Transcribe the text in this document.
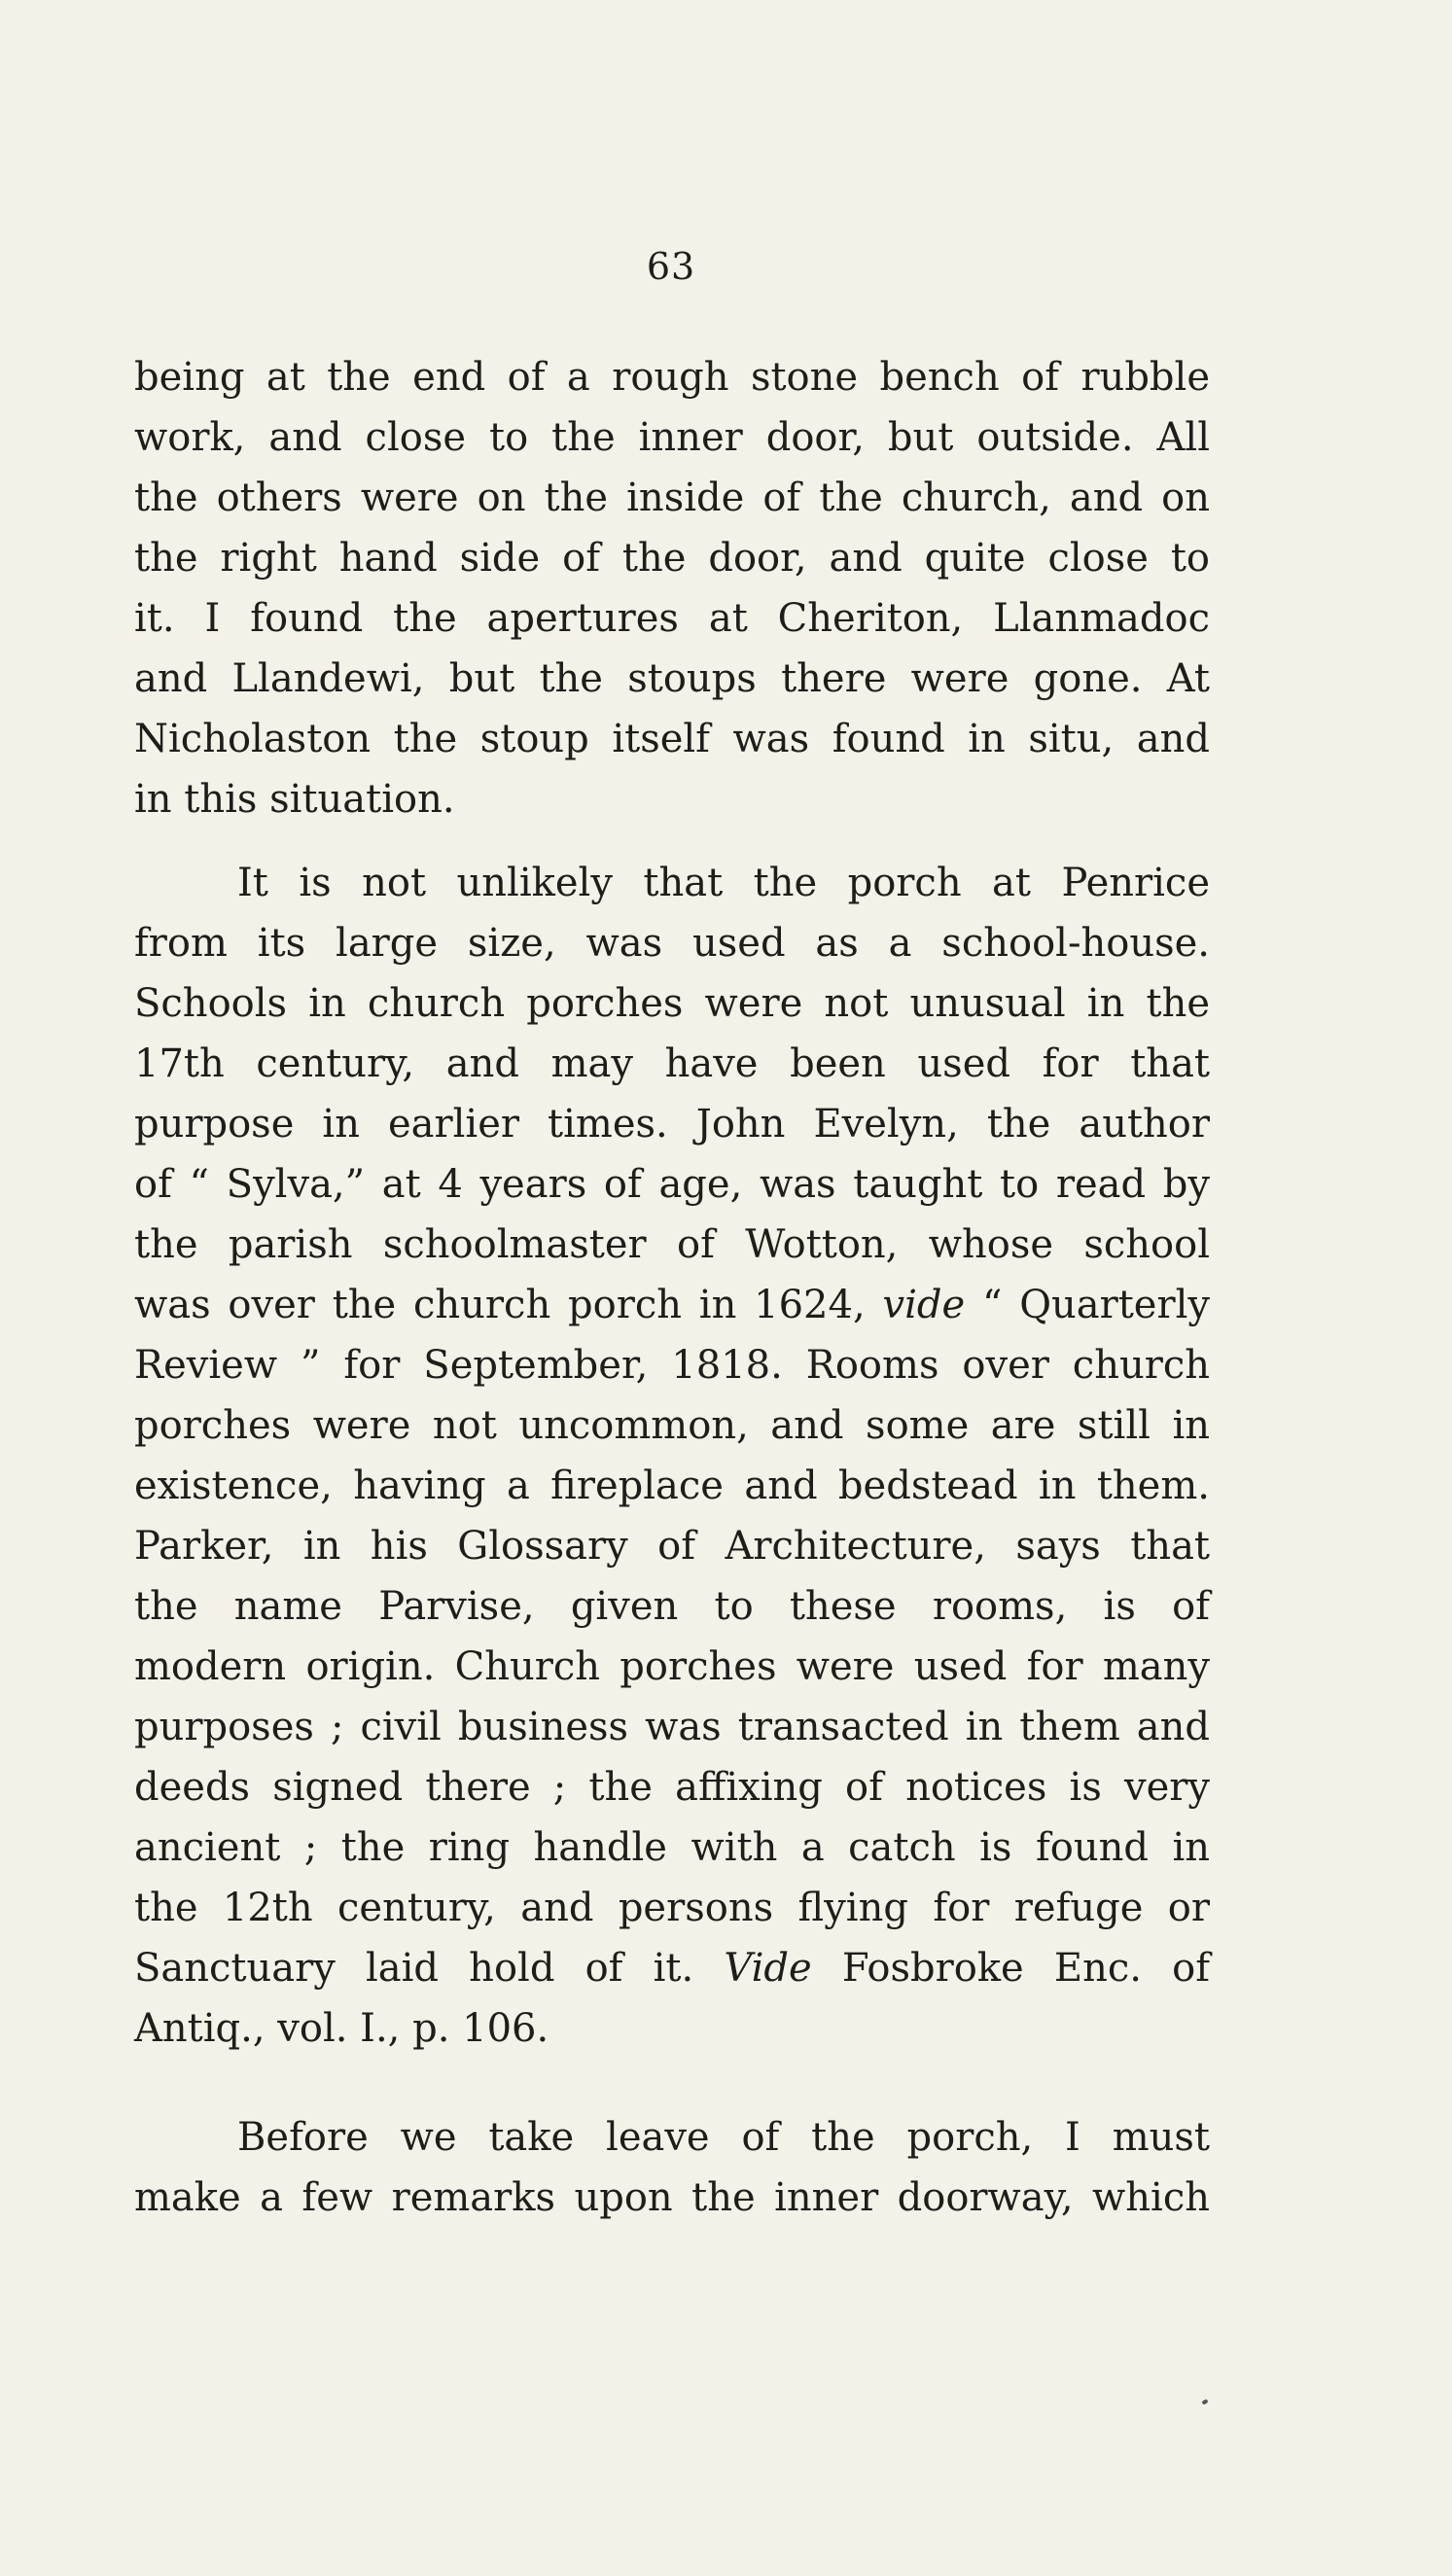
63
being at the end of a rough stone bench of rubble
work, and close to the inner door, but outside. All
the others were on the inside of the church, and on
the right hand side of the door, and quite close to
it. I found the apertures at Cheriton, Llanmadoc
and Llandewi, but the stoups there were gone. At
Nicholaston the stoup itself was found in situ, and
in this situation.
It is not unlikely that the porch at Penrice
from its large size, was used as a school-house.
Schools in church porches were not unusual in the
17th century, and may have been used for that
purpose in earlier times. John Evelyn, the author
of “ Sylva,” at 4 years of age, was taught to read by
the parish schoolmaster of Wotton, whose school
was over the church porch in 1624, vide “ Quarterly
Review ” for September, 1818. Rooms over church
porches were not uncommon, and some are still in
existence, having a fireplace and bedstead in them.
Parker, in his Glossary of Architecture, says that
the name Parvise, given to these rooms, is of
modern origin. Church porches were used for many
purposes ; civil business was transacted in them and
deeds signed there ; the affixing of notices is very
ancient ; the ring handle with a catch is found in
the 12th century, and persons flying for refuge or
Sanctuary laid hold of it. Vide Fosbroke Enc. of
Antiq., vol. I., p. 106.
Before we take leave of the porch, I must
make a few remarks upon the inner doorway, which
